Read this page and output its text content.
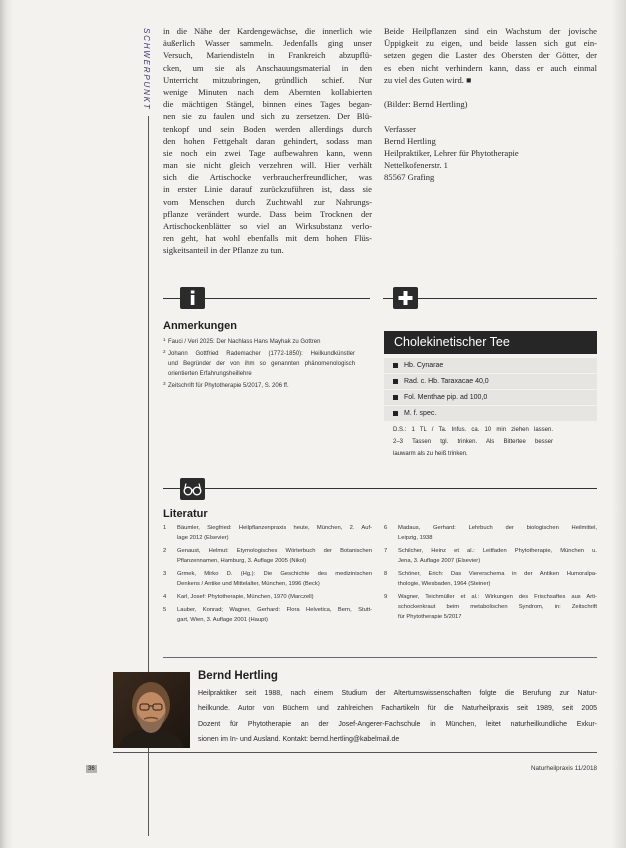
SCHWERPUNKT in die Nähe der Kardengewächse, die innerlich wie
äußerlich Wasser sammeln. Jedenfalls ging unser
Versuch, Mariendisteln in Frankreich abzupflü-
cken, um sie als Anschauungsmaterial in den
Unterricht mitzubringen, gründlich schief. Nur
wenige Minuten nach dem Abernten kollabierten
die mächtigen Stängel, binnen eines Tages began-
nen sie zu faulen und sich zu zersetzen. Der Blü-
tenkopf und sein Boden werden allerdings durch
den hohen Fettgehalt daran gehindert, sodass man
sie noch ein zwei Tage aufbewahren kann, wenn
man sie nicht gleich verzehren will. Hier verhält
sich die Artischocke verbraucherfreundlicher, was
in erster Linie darauf zurückzuführen ist, dass sie
vom Menschen durch Zuchtwahl zur Nahrungs-
pflanze verändert wurde. Dass beim Trocknen der
Artischockenblätter so viel an Wirksubstanz verlo-
ren geht, hat wohl ebenfalls mit dem hohen Flüs-
sigkeitsanteil in der Pflanze zu tun.
Beide Heilpflanzen sind ein Wachstum der jovische
Üppigkeit zu eigen, und beide lassen sich gut ein-
setzen gegen die Laster des Obersten der Götter, der
es eben nicht verhindern kann, dass er auch einmal
zu viel des Guten wird. ■
(Bilder: Bernd Hertling)
Verfasser
Bernd Hertling
Heilpraktiker, Lehrer für Phytotherapie
Nettelkofenerstr. 1
85567 Grafing
Anmerkungen
1 Fauci / Veri 2025: Der Nachlass Hans Mayhak zu Gottren
2 Johann Gottfried Rademacher (1772-1850): Heilkundkünstler
und Begründer der von ihm so genannten phänomenologisch
orientierten Erfahrungsheillehre
3 Zeitschrift für Phytotherapie 5/2017, S. 206 ff.
Cholekinetischer Tee
Hb. Cynarae
Rad. c. Hb. Taraxacae 40,0
Fol. Menthae pip. ad 100,0
M. f. spec.
D.S.: 1 TL / Ta. Infus. ca. 10 min ziehen lassen.
2–3 Tassen tgl. trinken. Als Bittertee besser
lauwarm als zu heiß trinken.
Literatur
1 Bäumler, Siegfried: Heilpflanzenpraxis heute, München, 2. Auf-
lage 2012 (Elsevier)
2 Genaust, Helmut: Etymologisches Wörterbuch der Botanischen
Pflanzennamen, Hamburg, 3. Auflage 2005 (Nikol)
3 Grmek, Mirko D. (Hg.): Die Geschichte des medizinischen
Denkens / Antike und Mittelalter, München, 1996 (Beck)
4 Karl, Josef: Phytotherapie, München, 1970 (Marczell)
5 Lauber, Konrad; Wagner, Gerhard: Flora Helvetica, Bern, Stutt-
gart, Wien, 3. Auflage 2001 (Haupt)
6 Madaus, Gerhard: Lehrbuch der biologischen Heilmittel,
Leipzig, 1938
7 Schilcher, Heinz et al.: Leitfaden Phytotherapie, München u.
Jena, 3. Auflage 2007 (Elsevier)
8 Schöner, Erich: Das Viererschema in der Antiken Humoralpa-
thologie, Wiesbaden, 1964 (Steiner)
9 Wagner, Teichmüller et al.: Wirkungen des Frischsaftes aus Arti-
schockenkraut beim metabolischen Syndrom, in: Zeitschrift
für Phytotherapie 5/2017
Bernd Hertling
Heilpraktiker seit 1988, nach einem Studium der Altertumswissenschaften folgte die Berufung zur Natur-
heilkunde. Autor von Büchern und zahlreichen Fachartikeln für die Naturheilpraxis seit 1989, seit 2005
Dozent für Phytotherapie an der Josef-Angerer-Fachschule in München, leitet naturheilkundliche Exkur-
sionen im In- und Ausland. Kontakt: bernd.hertling@kabelmail.de
36	Naturheilpraxis 11/2018
